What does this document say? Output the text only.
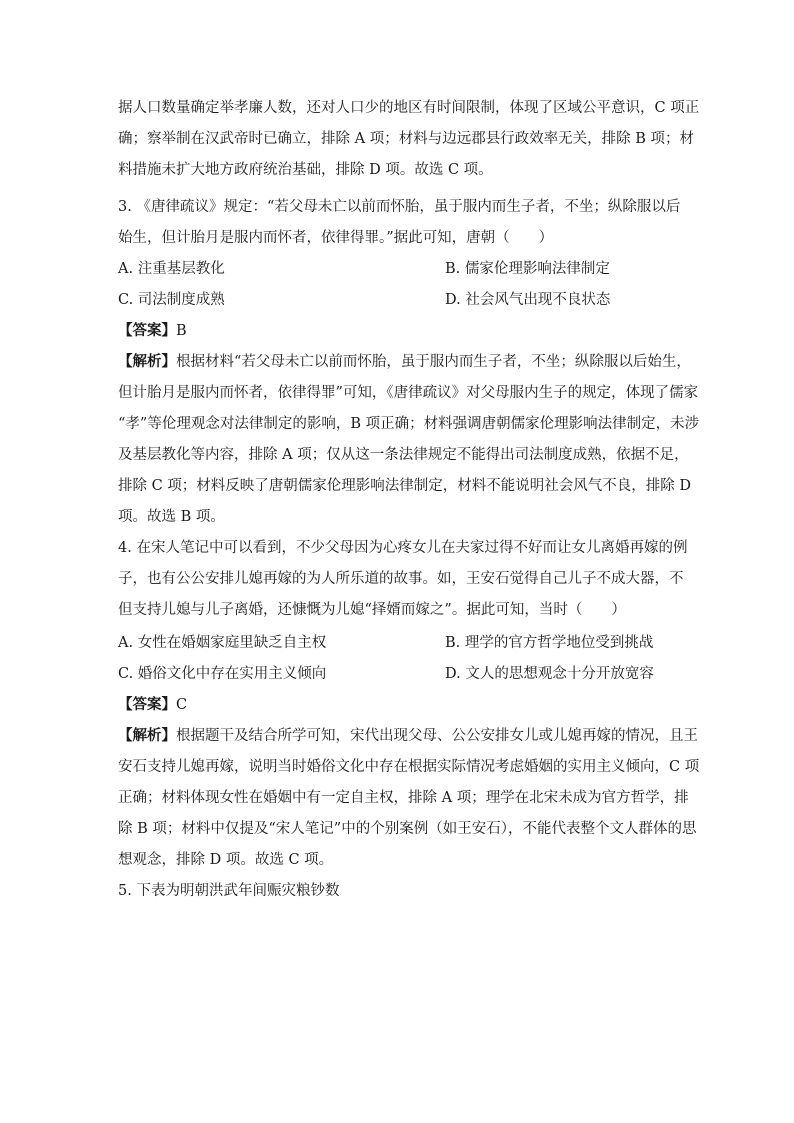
据人口数量确定举孝廉人数，还对人口少的地区有时间限制，体现了区域公平意识，C 项正
确；察举制在汉武帝时已确立，排除 A 项；材料与边远郡县行政效率无关，排除 B 项；材
料措施未扩大地方政府统治基础，排除 D 项。故选 C 项。
3. 《唐律疏议》规定：“若父母未亡以前而怀胎，虽于服内而生子者，不坐；纵除服以后
始生，但计胎月是服内而怀者，依律得罪。”据此可知，唐朝（　　）
A. 注重基层教化	B. 儒家伦理影响法律制定
C. 司法制度成熟	D. 社会风气出现不良状态
【答案】B
【解析】根据材料“若父母未亡以前而怀胎，虽于服内而生子者，不坐；纵除服以后始生，
但计胎月是服内而怀者，依律得罪”可知，《唐律疏议》对父母服内生子的规定，体现了儒家
“孝”等伦理观念对法律制定的影响，B 项正确；材料强调唐朝儒家伦理影响法律制定，未涉
及基层教化等内容，排除 A 项；仅从这一条法律规定不能得出司法制度成熟，依据不足，
排除 C 项；材料反映了唐朝儒家伦理影响法律制定，材料不能说明社会风气不良，排除 D
项。故选 B 项。
4. 在宋人笔记中可以看到，不少父母因为心疼女儿在夫家过得不好而让女儿离婚再嫁的例
子，也有公公安排儿媳再嫁的为人所乐道的故事。如，王安石觉得自己儿子不成大器，不
但支持儿媳与儿子离婚，还慷慨为儿媳“择婿而嫁之”。据此可知，当时（　　）
A. 女性在婚姻家庭里缺乏自主权	B. 理学的官方哲学地位受到挑战
C. 婚俗文化中存在实用主义倾向	D. 文人的思想观念十分开放宽容
【答案】C
【解析】根据题干及结合所学可知，宋代出现父母、公公安排女儿或儿媳再嫁的情况，且王
安石支持儿媳再嫁，说明当时婚俗文化中存在根据实际情况考虑婚姻的实用主义倾向，C 项
正确；材料体现女性在婚姻中有一定自主权，排除 A 项；理学在北宋未成为官方哲学，排
除 B 项；材料中仅提及“宋人笔记”中的个别案例（如王安石），不能代表整个文人群体的思
想观念，排除 D 项。故选 C 项。
5. 下表为明朝洪武年间赈灾粮钞数
